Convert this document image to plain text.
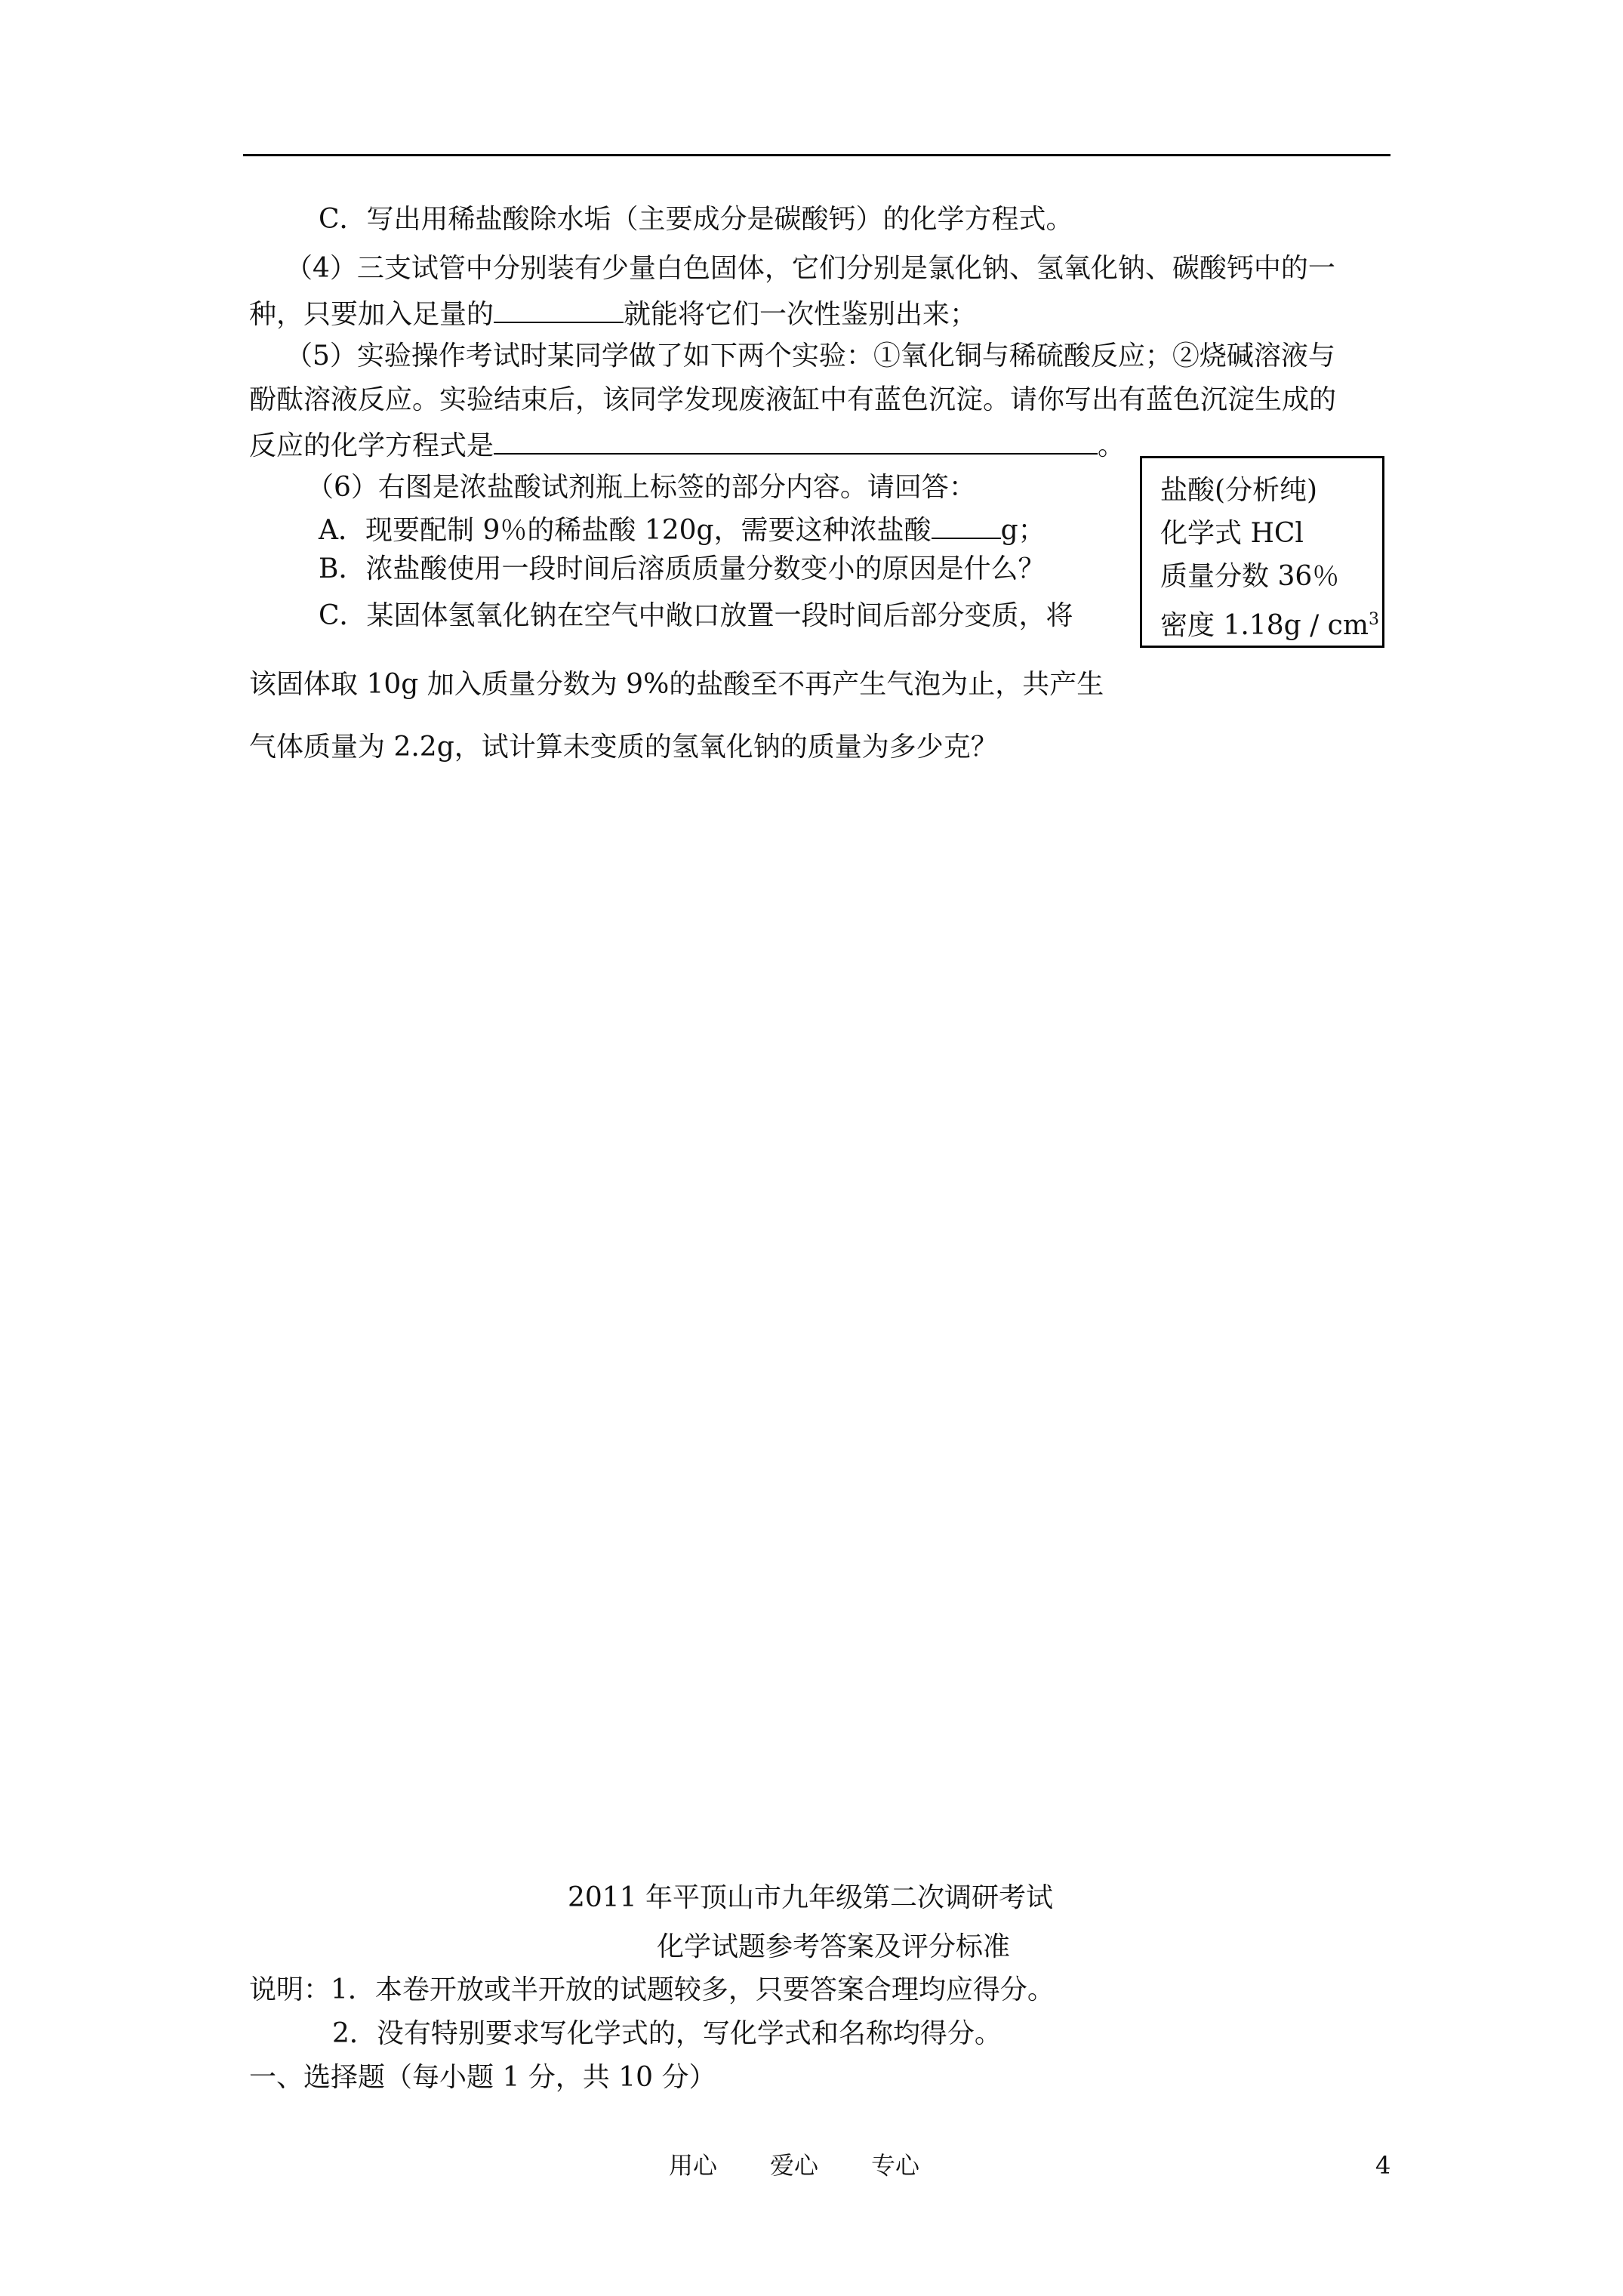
C．写出用稀盐酸除水垢（主要成分是碳酸钙）的化学方程式。
（4）三支试管中分别装有少量白色固体，它们分别是氯化钠、氢氧化钠、碳酸钙中的一
种，只要加入足量的	就能将它们一次性鉴别出来；
（5）实验操作考试时某同学做了如下两个实验：①氧化铜与稀硫酸反应；②烧碱溶液与
酚酞溶液反应。实验结束后，该同学发现废液缸中有蓝色沉淀。请你写出有蓝色沉淀生成的
反应的化学方程式是	。
（6）右图是浓盐酸试剂瓶上标签的部分内容。请回答：
A．现要配制 9％的稀盐酸 120g，需要这种浓盐酸	g；
B．浓盐酸使用一段时间后溶质质量分数变小的原因是什么？
C．某固体氢氧化钠在空气中敞口放置一段时间后部分变质，将
该固体取 10g 加入质量分数为 9%的盐酸至不再产生气泡为止，共产生
气体质量为 2.2g，试计算未变质的氢氧化钠的质量为多少克？
盐酸(分析纯)
化学式 HCl
质量分数 36％
密度 $1.18g / cm^3$
2011 年平顶山市九年级第二次调研考试
化学试题参考答案及评分标准
说明：1．本卷开放或半开放的试题较多，只要答案合理均应得分。
2．没有特别要求写化学式的，写化学式和名称均得分。
一、选择题（每小题 1 分，共 10 分）
用心 爱心 专心	4
